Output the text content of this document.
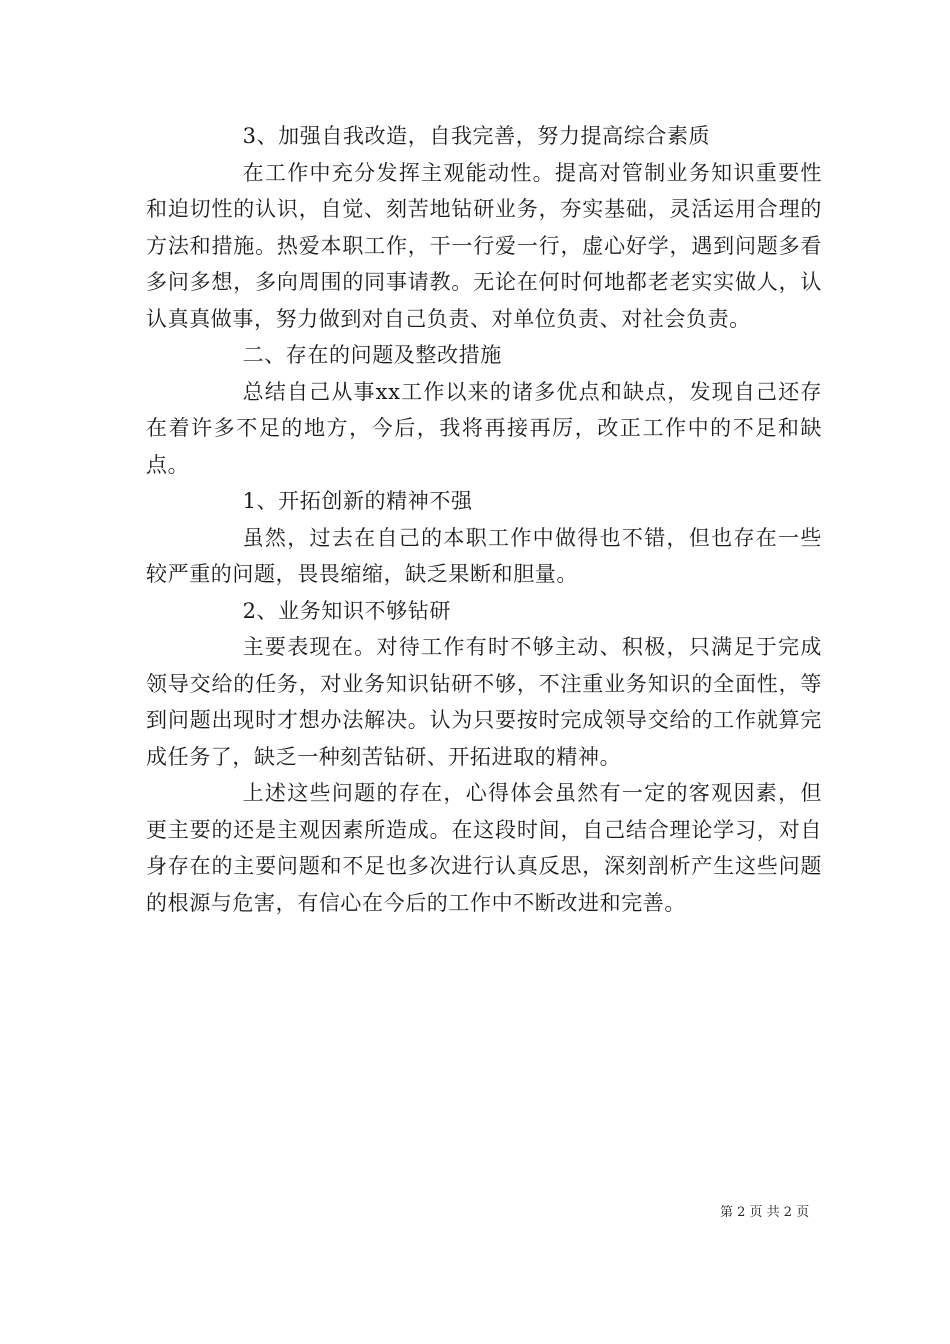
3、加强自我改造，自我完善，努力提高综合素质

在工作中充分发挥主观能动性。提高对管制业务知识重要性和迫切性的认识，自觉、刻苦地钻研业务，夯实基础，灵活运用合理的方法和措施。热爱本职工作，干一行爱一行，虚心好学，遇到问题多看多问多想，多向周围的同事请教。无论在何时何地都老老实实做人，认认真真做事，努力做到对自己负责、对单位负责、对社会负责。

二、存在的问题及整改措施

总结自己从事xx工作以来的诸多优点和缺点，发现自己还存在着许多不足的地方，今后，我将再接再厉，改正工作中的不足和缺点。

1、开拓创新的精神不强

虽然，过去在自己的本职工作中做得也不错，但也存在一些较严重的问题，畏畏缩缩，缺乏果断和胆量。

2、业务知识不够钻研

主要表现在。对待工作有时不够主动、积极，只满足于完成领导交给的任务，对业务知识钻研不够，不注重业务知识的全面性，等到问题出现时才想办法解决。认为只要按时完成领导交给的工作就算完成任务了，缺乏一种刻苦钻研、开拓进取的精神。

上述这些问题的存在，心得体会虽然有一定的客观因素，但更主要的还是主观因素所造成。在这段时间，自己结合理论学习，对自身存在的主要问题和不足也多次进行认真反思，深刻剖析产生这些问题的根源与危害，有信心在今后的工作中不断改进和完善。

第 2 页 共 2 页
